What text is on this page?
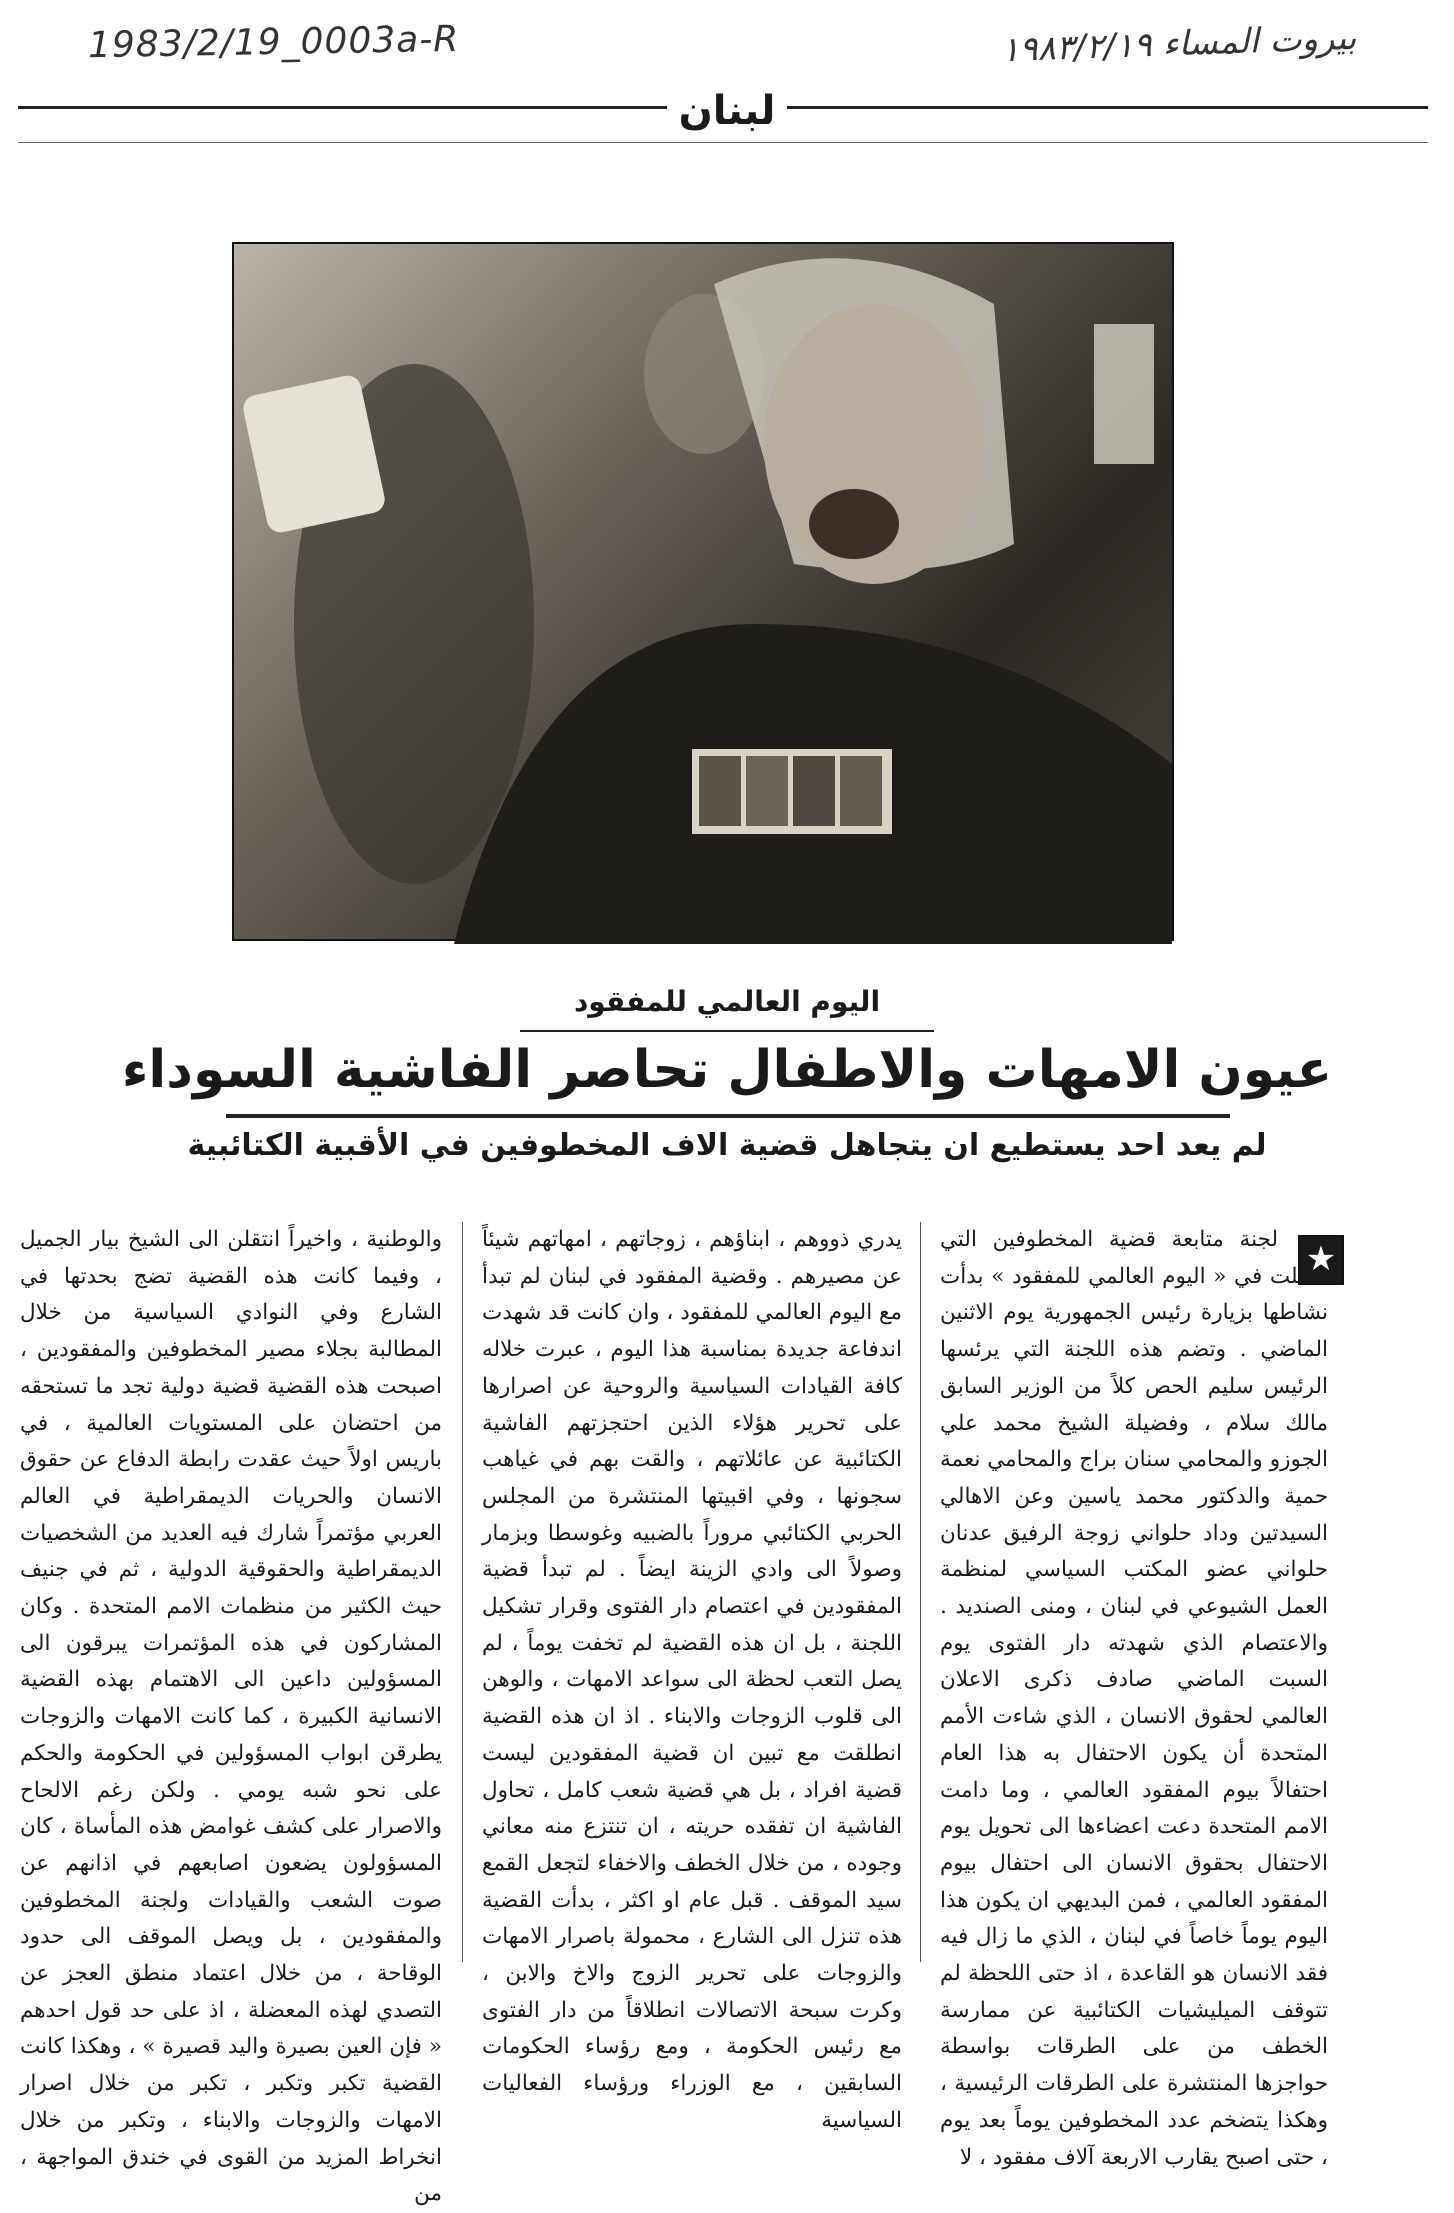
1983/2/19_0003a-R	بيروت المساء ١٩٨٣/٢/١٩
لبنان
اليوم العالمي للمفقود
عيون الامهات والاطفال تحاصر الفاشية السوداء
لم يعد احد يستطيع ان يتجاهل قضية الاف المخطوفين في الأقبية الكتائبية
★
لجنة متابعة قضية المخطوفين التي شكلت في « اليوم العالمي للمفقود » بدأت نشاطها بزيارة رئيس الجمهورية يوم الاثنين الماضي . وتضم هذه اللجنة التي يرئسها الرئيس سليم الحص كلاً من الوزير السابق مالك سلام ، وفضيلة الشيخ محمد علي الجوزو والمحامي سنان براج والمحامي نعمة حمية والدكتور محمد ياسين وعن الاهالي السيدتين وداد حلواني زوجة الرفيق عدنان حلواني عضو المكتب السياسي لمنظمة العمل الشيوعي في لبنان ، ومنى الصنديد . والاعتصام الذي شهدته دار الفتوى يوم السبت الماضي صادف ذكرى الاعلان العالمي لحقوق الانسان ، الذي شاءت الأمم المتحدة أن يكون الاحتفال به هذا العام احتفالاً بيوم المفقود العالمي ، وما دامت الامم المتحدة دعت اعضاءها الى تحويل يوم الاحتفال بحقوق الانسان الى احتفال بيوم المفقود العالمي ، فمن البديهي ان يكون هذا اليوم يوماً خاصاً في لبنان ، الذي ما زال فيه فقد الانسان هو القاعدة ، اذ حتى اللحظة لم تتوقف الميليشيات الكتائبية عن ممارسة الخطف من على الطرقات بواسطة حواجزها المنتشرة على الطرقات الرئيسية ، وهكذا يتضخم عدد المخطوفين يوماً بعد يوم ، حتى اصبح يقارب الاربعة آلاف مفقود ، لا
يدري ذووهم ، ابناؤهم ، زوجاتهم ، امهاتهم شيئاً عن مصيرهم . وقضية المفقود في لبنان لم تبدأ مع اليوم العالمي للمفقود ، وان كانت قد شهدت اندفاعة جديدة بمناسبة هذا اليوم ، عبرت خلاله كافة القيادات السياسية والروحية عن اصرارها على تحرير هؤلاء الذين احتجزتهم الفاشية الكتائبية عن عائلاتهم ، والقت بهم في غياهب سجونها ، وفي اقبيتها المنتشرة من المجلس الحربي الكتائبي مروراً بالضبيه وغوسطا وبزمار وصولاً الى وادي الزينة ايضاً . لم تبدأ قضية المفقودين في اعتصام دار الفتوى وقرار تشكيل اللجنة ، بل ان هذه القضية لم تخفت يوماً ، لم يصل التعب لحظة الى سواعد الامهات ، والوهن الى قلوب الزوجات والابناء . اذ ان هذه القضية انطلقت مع تبين ان قضية المفقودين ليست قضية افراد ، بل هي قضية شعب كامل ، تحاول الفاشية ان تفقده حريته ، ان تنتزع منه معاني وجوده ، من خلال الخطف والاخفاء لتجعل القمع سيد الموقف . قبل عام او اكثر ، بدأت القضية هذه تنزل الى الشارع ، محمولة باصرار الامهات والزوجات على تحرير الزوج والاخ والابن ، وكرت سبحة الاتصالات انطلاقاً من دار الفتوى مع رئيس الحكومة ، ومع رؤساء الحكومات السابقين ، مع الوزراء ورؤساء الفعاليات السياسية
والوطنية ، واخيراً انتقلن الى الشيخ بيار الجميل ، وفيما كانت هذه القضية تضج بحدتها في الشارع وفي النوادي السياسية من خلال المطالبة بجلاء مصير المخطوفين والمفقودين ، اصبحت هذه القضية قضية دولية تجد ما تستحقه من احتضان على المستويات العالمية ، في باريس اولاً حيث عقدت رابطة الدفاع عن حقوق الانسان والحريات الديمقراطية في العالم العربي مؤتمراً شارك فيه العديد من الشخصيات الديمقراطية والحقوقية الدولية ، ثم في جنيف حيث الكثير من منظمات الامم المتحدة . وكان المشاركون في هذه المؤتمرات يبرقون الى المسؤولين داعين الى الاهتمام بهذه القضية الانسانية الكبيرة ، كما كانت الامهات والزوجات يطرقن ابواب المسؤولين في الحكومة والحكم على نحو شبه يومي . ولكن رغم الالحاح والاصرار على كشف غوامض هذه المأساة ، كان المسؤولون يضعون اصابعهم في اذانهم عن صوت الشعب والقيادات ولجنة المخطوفين والمفقودين ، بل ويصل الموقف الى حدود الوقاحة ، من خلال اعتماد منطق العجز عن التصدي لهذه المعضلة ، اذ على حد قول احدهم « فإن العين بصيرة واليد قصيرة » ، وهكذا كانت القضية تكبر وتكبر ، تكبر من خلال اصرار الامهات والزوجات والابناء ، وتكبر من خلال انخراط المزيد من القوى في خندق المواجهة ، من
